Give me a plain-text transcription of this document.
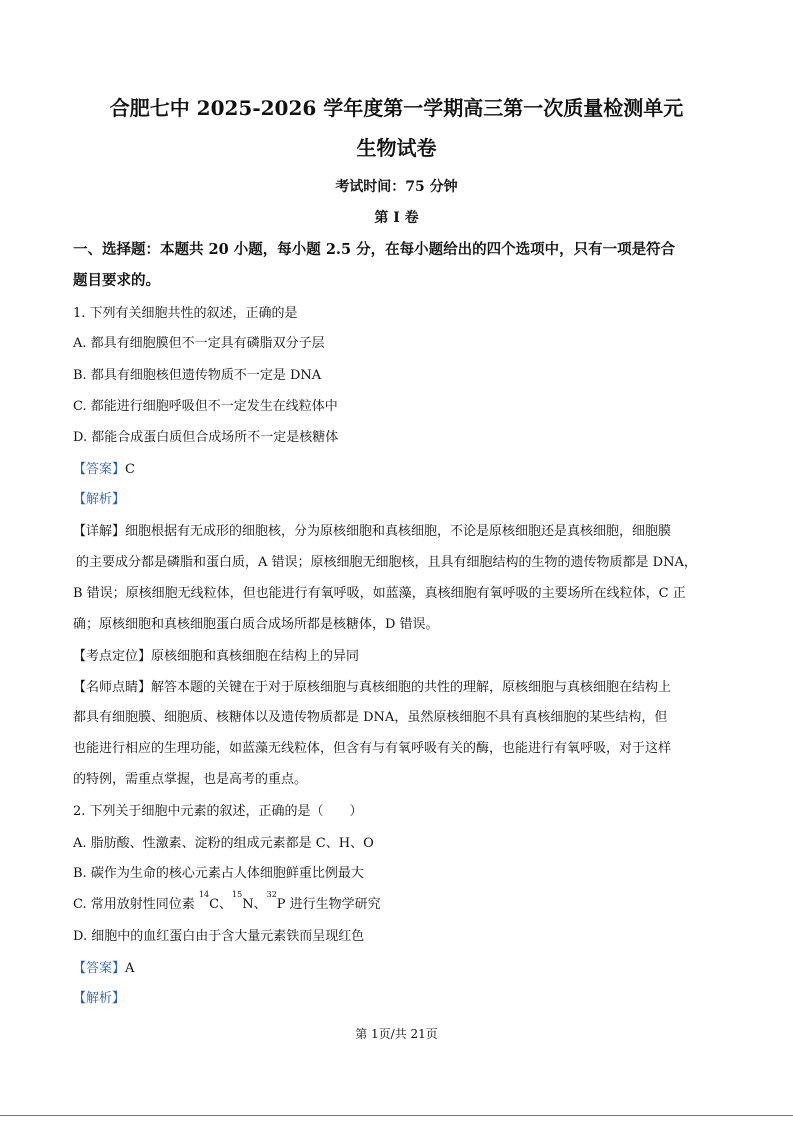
合肥七中 2025-2026 学年度第一学期高三第一次质量检测单元
生物试卷
考试时间：75 分钟
第 I 卷
一、选择题：本题共 20 小题，每小题 2.5 分，在每小题给出的四个选项中，只有一项是符合
题目要求的。
1. 下列有关细胞共性的叙述，正确的是
A. 都具有细胞膜但不一定具有磷脂双分子层
B. 都具有细胞核但遗传物质不一定是 DNA
C. 都能进行细胞呼吸但不一定发生在线粒体中
D. 都能合成蛋白质但合成场所不一定是核糖体
【答案】C
【解析】
【详解】细胞根据有无成形的细胞核，分为原核细胞和真核细胞，不论是原核细胞还是真核细胞，细胞膜
的主要成分都是磷脂和蛋白质，A 错误；原核细胞无细胞核，且具有细胞结构的生物的遗传物质都是 DNA，
B 错误；原核细胞无线粒体，但也能进行有氧呼吸，如蓝藻，真核细胞有氧呼吸的主要场所在线粒体，C 正
确；原核细胞和真核细胞蛋白质合成场所都是核糖体，D 错误。
【考点定位】原核细胞和真核细胞在结构上的异同
【名师点睛】解答本题的关键在于对于原核细胞与真核细胞的共性的理解，原核细胞与真核细胞在结构上
都具有细胞膜、细胞质、核糖体以及遗传物质都是 DNA，虽然原核细胞不具有真核细胞的某些结构，但
也能进行相应的生理功能，如蓝藻无线粒体，但含有与有氧呼吸有关的酶，也能进行有氧呼吸，对于这样
的特例，需重点掌握，也是高考的重点。
2. 下列关于细胞中元素的叙述，正确的是（　　）
A. 脂肪酸、性激素、淀粉的组成元素都是 C、H、O
B. 碳作为生命的核心元素占人体细胞鲜重比例最大
C. 常用放射性同位素 $^{14}$C、$^{15}$N、$^{32}$P 进行生物学研究
D. 细胞中的血红蛋白由于含大量元素铁而呈现红色
【答案】A
【解析】
第 1页/共 21页
